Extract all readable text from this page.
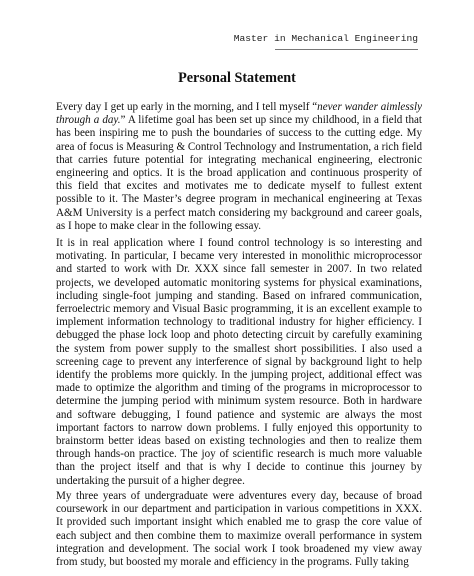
Master in Mechanical Engineering
Personal Statement

Every day I get up early in the morning, and I tell myself “never wander aimlessly through a day.” A lifetime goal has been set up since my childhood, in a field that has been inspiring me to push the boundaries of success to the cutting edge. My area of focus is Measuring & Control Technology and Instrumentation, a rich field that carries future potential for integrating mechanical engineering, electronic engineering and optics. It is the broad application and continuous prosperity of this field that excites and motivates me to dedicate myself to fullest extent possible to it. The Master’s degree program in mechanical engineering at Texas A&M University is a perfect match considering my background and career goals, as I hope to make clear in the following essay.

It is in real application where I found control technology is so interesting and motivating. In particular, I became very interested in monolithic microprocessor and started to work with Dr. XXX since fall semester in 2007. In two related projects, we developed automatic monitoring systems for physical examinations, including single-foot jumping and standing. Based on infrared communication, ferroelectric memory and Visual Basic programming, it is an excellent example to implement information technology to traditional industry for higher efficiency. I debugged the phase lock loop and photo detecting circuit by carefully examining the system from power supply to the smallest short possibilities. I also used a screening cage to prevent any interference of signal by background light to help identify the problems more quickly. In the jumping project, additional effect was made to optimize the algorithm and timing of the programs in microprocessor to determine the jumping period with minimum system resource. Both in hardware and software debugging, I found patience and systemic are always the most important factors to narrow down problems. I fully enjoyed this opportunity to brainstorm better ideas based on existing technologies and then to realize them through hands-on practice. The joy of scientific research is much more valuable than the project itself and that is why I decide to continue this journey by undertaking the pursuit of a higher degree.

My three years of undergraduate were adventures every day, because of broad coursework in our department and participation in various competitions in XXX. It provided such important insight which enabled me to grasp the core value of each subject and then combine them to maximize overall performance in system integration and development. The social work I took broadened my view away from study, but boosted my morale and efficiency in the programs. Fully taking
